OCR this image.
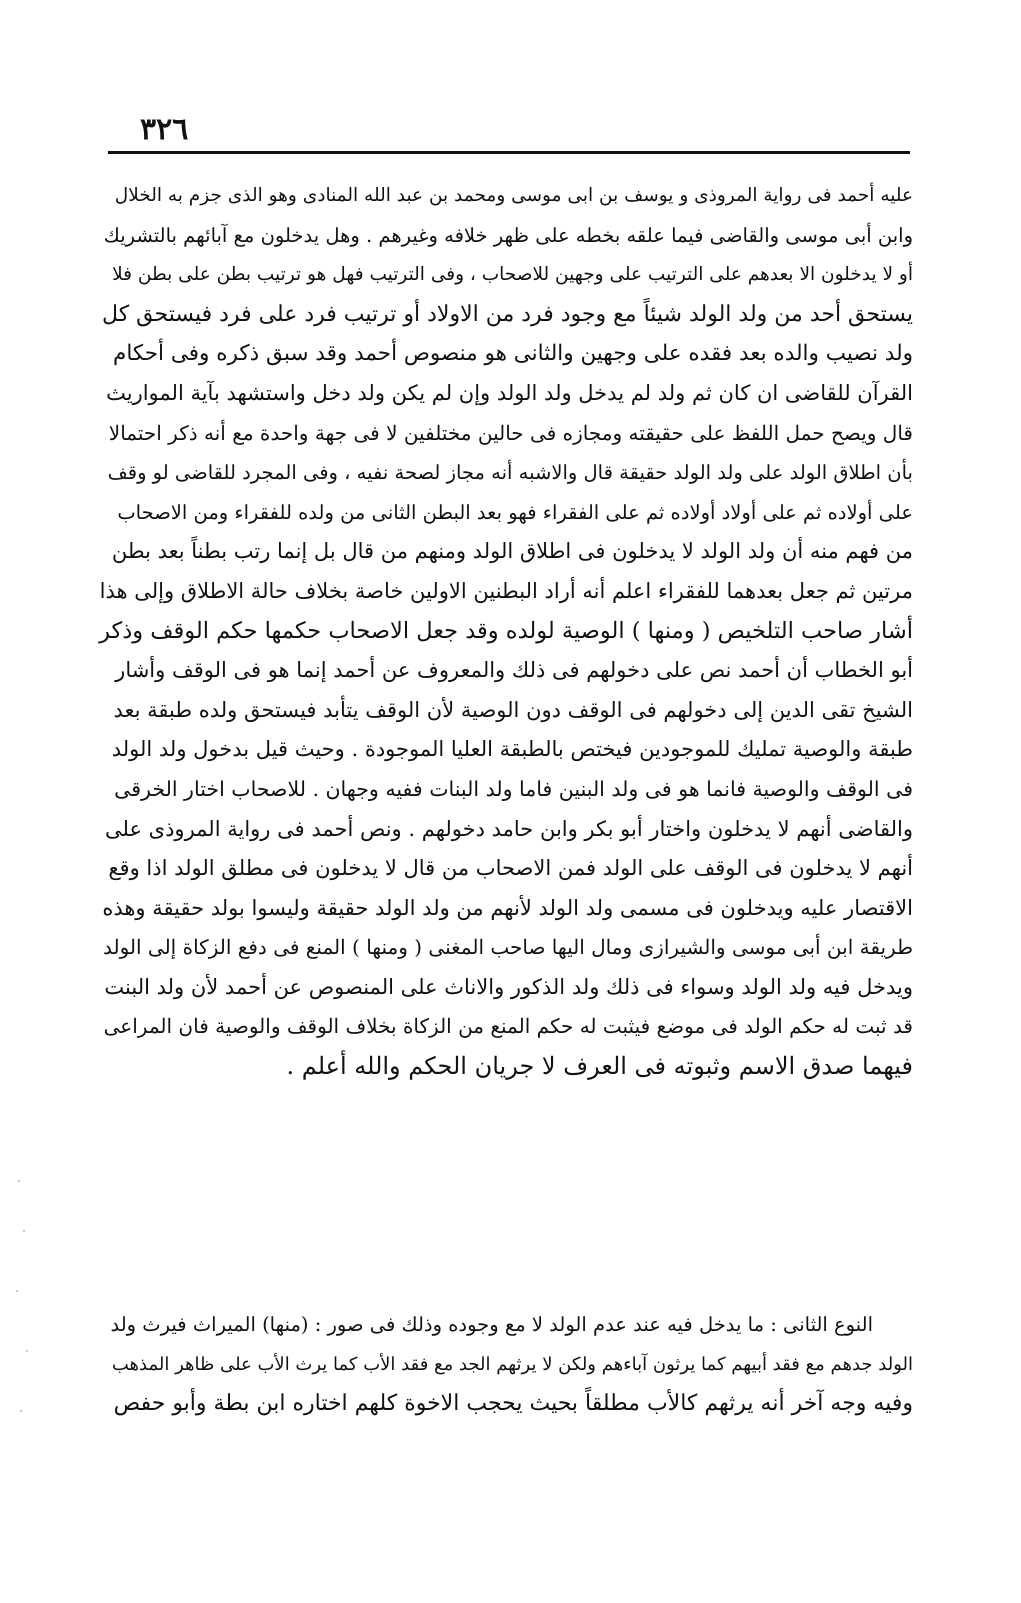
٣٢٦
عليه أحمد فى رواية المروذى و يوسف بن ابى موسى ومحمد بن عبد الله المنادى وهو الذى جزم به الخلال
وابن أبى موسى والقاضى فيما علقه بخطه على ظهر خلافه وغيرهم . وهل يدخلون مع آبائهم بالتشريك
أو لا يدخلون الا بعدهم على الترتيب على وجهين للاصحاب ، وفى الترتيب فهل هو ترتيب بطن على بطن فلا
يستحق أحد من ولد الولد شيئاً مع وجود فرد من الاولاد أو ترتيب فرد على فرد فيستحق كل
ولد نصيب والده بعد فقده على وجهين والثانى هو منصوص أحمد وقد سبق ذكره وفى أحكام
القرآن للقاضى ان كان ثم ولد لم يدخل ولد الولد وإن لم يكن ولد دخل واستشهد بآية المواريث
قال ويصح حمل اللفظ على حقيقته ومجازه فى حالين مختلفين لا فى جهة واحدة مع أنه ذكر احتمالا
بأن اطلاق الولد على ولد الولد حقيقة قال والاشبه أنه مجاز لصحة نفيه ، وفى المجرد للقاضى لو وقف
على أولاده ثم على أولاد أولاده ثم على الفقراء فهو بعد البطن الثانى من ولده للفقراء ومن الاصحاب
من فهم منه أن ولد الولد لا يدخلون فى اطلاق الولد ومنهم من قال بل إنما رتب بطناً بعد بطن
مرتين ثم جعل بعدهما للفقراء اعلم أنه أراد البطنين الاولين خاصة بخلاف حالة الاطلاق وإلى هذا
أشار صاحب التلخيص ( ومنها ) الوصية لولده وقد جعل الاصحاب حكمها حكم الوقف وذكر
أبو الخطاب أن أحمد نص على دخولهم فى ذلك والمعروف عن أحمد إنما هو فى الوقف وأشار
الشيخ تقى الدين إلى دخولهم فى الوقف دون الوصية لأن الوقف يتأبد فيستحق ولده طبقة بعد
طبقة والوصية تمليك للموجودين فيختص بالطبقة العليا الموجودة . وحيث قيل بدخول ولد الولد
فى الوقف والوصية فانما هو فى ولد البنين فاما ولد البنات ففيه وجهان . للاصحاب اختار الخرقى
والقاضى أنهم لا يدخلون واختار أبو بكر وابن حامد دخولهم . ونص أحمد فى رواية المروذى على
أنهم لا يدخلون فى الوقف على الولد فمن الاصحاب من قال لا يدخلون فى مطلق الولد اذا وقع
الاقتصار عليه ويدخلون فى مسمى ولد الولد لأنهم من ولد الولد حقيقة وليسوا بولد حقيقة وهذه
طريقة ابن أبى موسى والشيرازى ومال اليها صاحب المغنى ( ومنها ) المنع فى دفع الزكاة إلى الولد
ويدخل فيه ولد الولد وسواء فى ذلك ولد الذكور والاناث على المنصوص عن أحمد لأن ولد البنت
قد ثبت له حكم الولد فى موضع فيثبت له حكم المنع من الزكاة بخلاف الوقف والوصية فان المراعى
فيهما صدق الاسم وثبوته فى العرف لا جريان الحكم والله أعلم .
النوع الثانى : ما يدخل فيه عند عدم الولد لا مع وجوده وذلك فى صور : (منها) الميراث فيرث ولد
الولد جدهم مع فقد أبيهم كما يرثون آباءهم ولكن لا يرثهم الجد مع فقد الأب كما يرث الأب على ظاهر المذهب
وفيه وجه آخر أنه يرثهم كالأب مطلقاً بحيث يحجب الاخوة كلهم اختاره ابن بطة وأبو حفص
